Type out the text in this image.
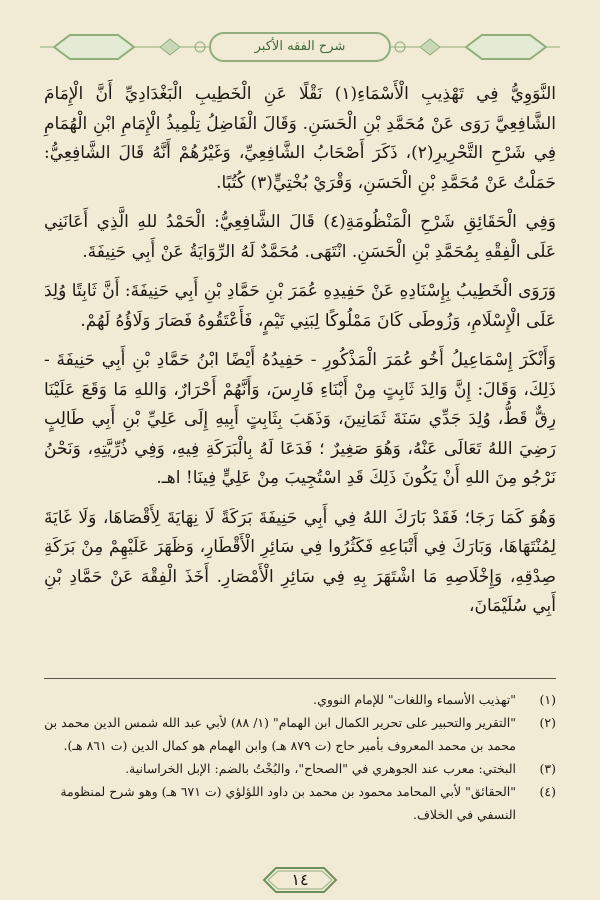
شرح الفقه الأكبر

النَّوَوِيُّ فِي تَهْذِيبِ الْأَسْمَاءِ(١) نَقْلًا عَنِ الْخَطِيبِ الْبَغْدَادِيِّ أَنَّ الْإِمَامَ الشَّافِعِيَّ رَوَى عَنْ مُحَمَّدِ بْنِ الْحَسَنِ. وَقَالَ الْفَاضِلُ تِلْمِيذُ الْإِمَامِ ابْنِ الْهُمَامِ فِي شَرْحِ التَّحْرِيرِ(٢)، ذَكَرَ أَصْحَابُ الشَّافِعِيِّ، وَغَيْرُهُمْ أَنَّهُ قَالَ الشَّافِعِيُّ: حَمَلْتُ عَنْ مُحَمَّدِ بْنِ الْحَسَنِ، وَقْرَيْ بُخْتِيٍّ(٣) كُتُبًا.

وَفِي الْحَقَائِقِ شَرْحِ الْمَنْظُومَةِ(٤) قَالَ الشَّافِعِيُّ: الْحَمْدُ للهِ الَّذِي أَعَانَنِي عَلَى الْفِقْهِ بِمُحَمَّدِ بْنِ الْحَسَنِ. انْتَهَى. مُحَمَّدٌ لَهُ الرِّوَايَةُ عَنْ أَبِي حَنِيفَةَ.

وَرَوَى الْخَطِيبُ بِإِسْنَادِهِ عَنْ حَفِيدِهِ عُمَرَ بْنِ حَمَّادِ بْنِ أَبِي حَنِيفَةَ: أَنَّ ثَابِتًا وُلِدَ عَلَى الْإِسْلَامِ، وَزُوطَى كَانَ مَمْلُوكًا لِبَنِي تَيْمٍ، فَأَعْتَقُوهُ فَصَارَ وَلَاؤُهُ لَهُمْ.

وَأَنْكَرَ إِسْمَاعِيلُ أَخُو عُمَرَ الْمَذْكُورِ - حَفِيدُهُ أَيْضًا ابْنُ حَمَّادِ بْنِ أَبِي حَنِيفَةَ - ذَلِكَ، وَقَالَ: إِنَّ وَالِدَ ثَابِتٍ مِنْ أَبْنَاءِ فَارِسَ، وَأَنَّهُمْ أَحْرَارٌ، وَاللهِ مَا وَقَعَ عَلَيْنَا رِقٌّ قَطُّ، وُلِدَ جَدِّي سَنَةَ ثَمَانِينَ، وَذَهَبَ بِثَابِتٍ أَبِيهِ إِلَى عَلِيِّ بْنِ أَبِي طَالِبٍ رَضِيَ اللهُ تَعَالَى عَنْهُ، وَهُوَ صَغِيرٌ ؛ فَدَعَا لَهُ بِالْبَرَكَةِ فِيهِ، وَفِي ذُرِّيَّتِهِ، وَنَحْنُ نَرْجُو مِنَ اللهِ أَنْ يَكُونَ ذَلِكَ قَدِ اسْتُجِيبَ مِنْ عَلِيٍّ فِينَا! اهـ.

وَهُوَ كَمَا رَجَا؛ فَقَدْ بَارَكَ اللهُ فِي أَبِي حَنِيفَةَ بَرَكَةً لَا نِهَايَةَ لِأَقْصَاهَا، وَلَا غَايَةَ لِمُنْتَهَاهَا، وَبَارَكَ فِي أَتْبَاعِهِ فَكَثُرُوا فِي سَائِرِ الْأَقْطَارِ، وَظَهَرَ عَلَيْهِمْ مِنْ بَرَكَةِ صِدْقِهِ، وَإِخْلَاصِهِ مَا اشْتَهَرَ بِهِ فِي سَائِرِ الْأَمْصَارِ. أَخَذَ الْفِقْهَ عَنْ حَمَّادِ بْنِ أَبِي سُلَيْمَانَ،

(١)
"تهذيب الأسماء واللغات" للإمام النووي.
(٢)
"التقرير والتحبير على تحرير الكمال ابن الهمام" (١/ ٨٨) لأبي عبد الله شمس الدين محمد بن محمد بن محمد المعروف بأمير حاج (ت ٨٧٩ هـ) وابن الهمام هو كمال الدين (ت ٨٦١ هـ).
(٣)
البختي: معرب عند الجوهري في "الصحاح"، والبُخْتُ بالضم: الإبل الخراسانية.
(٤)
"الحقائق" لأبي المحامد محمود بن محمد بن داود اللؤلؤي (ت ٦٧١ هـ) وهو شرح لمنظومة النسفي في الخلاف.
١٤
